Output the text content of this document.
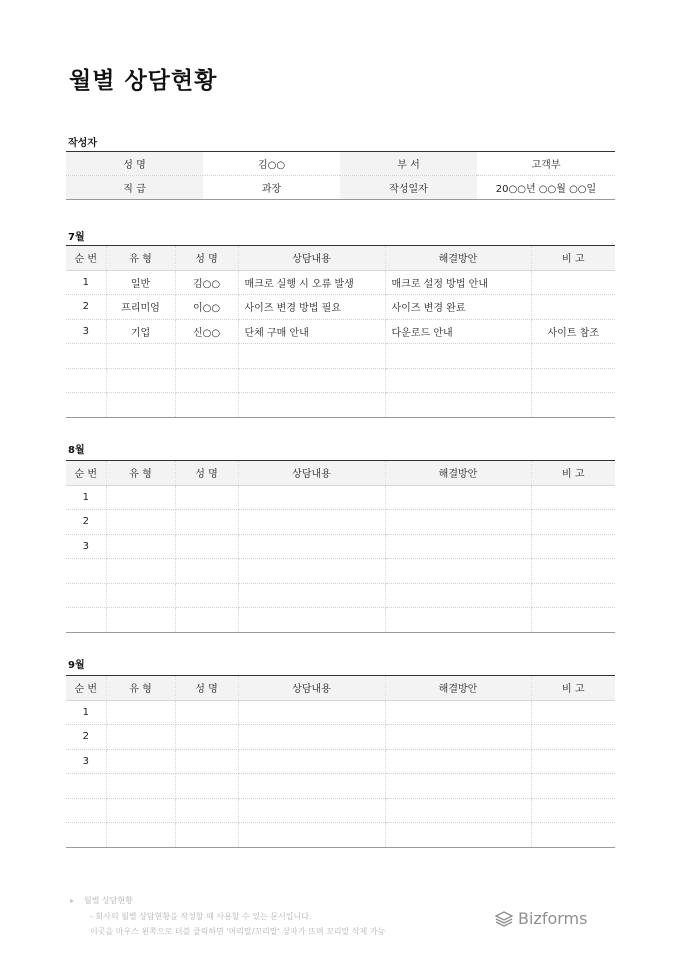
월별 상담현황
작성자
성 명	김○○	부 서	고객부
직 급	과장	작성일자	20○○년 ○○월 ○○일
7월
순 번	유 형	성 명	상담내용	해결방안	비 고
1	일반	김○○	매크로 실행 시 오류 발생	매크로 설정 방법 안내	
2	프리미엄	이○○	사이즈 변경 방법 필요	사이즈 변경 완료	
3	기업	신○○	단체 구매 안내	다운로드 안내	사이트 참조

8월
순 번	유 형	성 명	상담내용	해결방안	비 고
1					
2					
3					

9월
순 번	유 형	성 명	상담내용	해결방안	비 고
1					
2					
3					

▸ 월별 상담현황
- 회사의 월별 상담현황을 작성할 때 사용할 수 있는 문서입니다.
이곳을 마우스 왼쪽으로 더블 클릭하면 '머리말/꼬리말' 상자가 뜨며 꼬리말 삭제 가능
Bizforms
